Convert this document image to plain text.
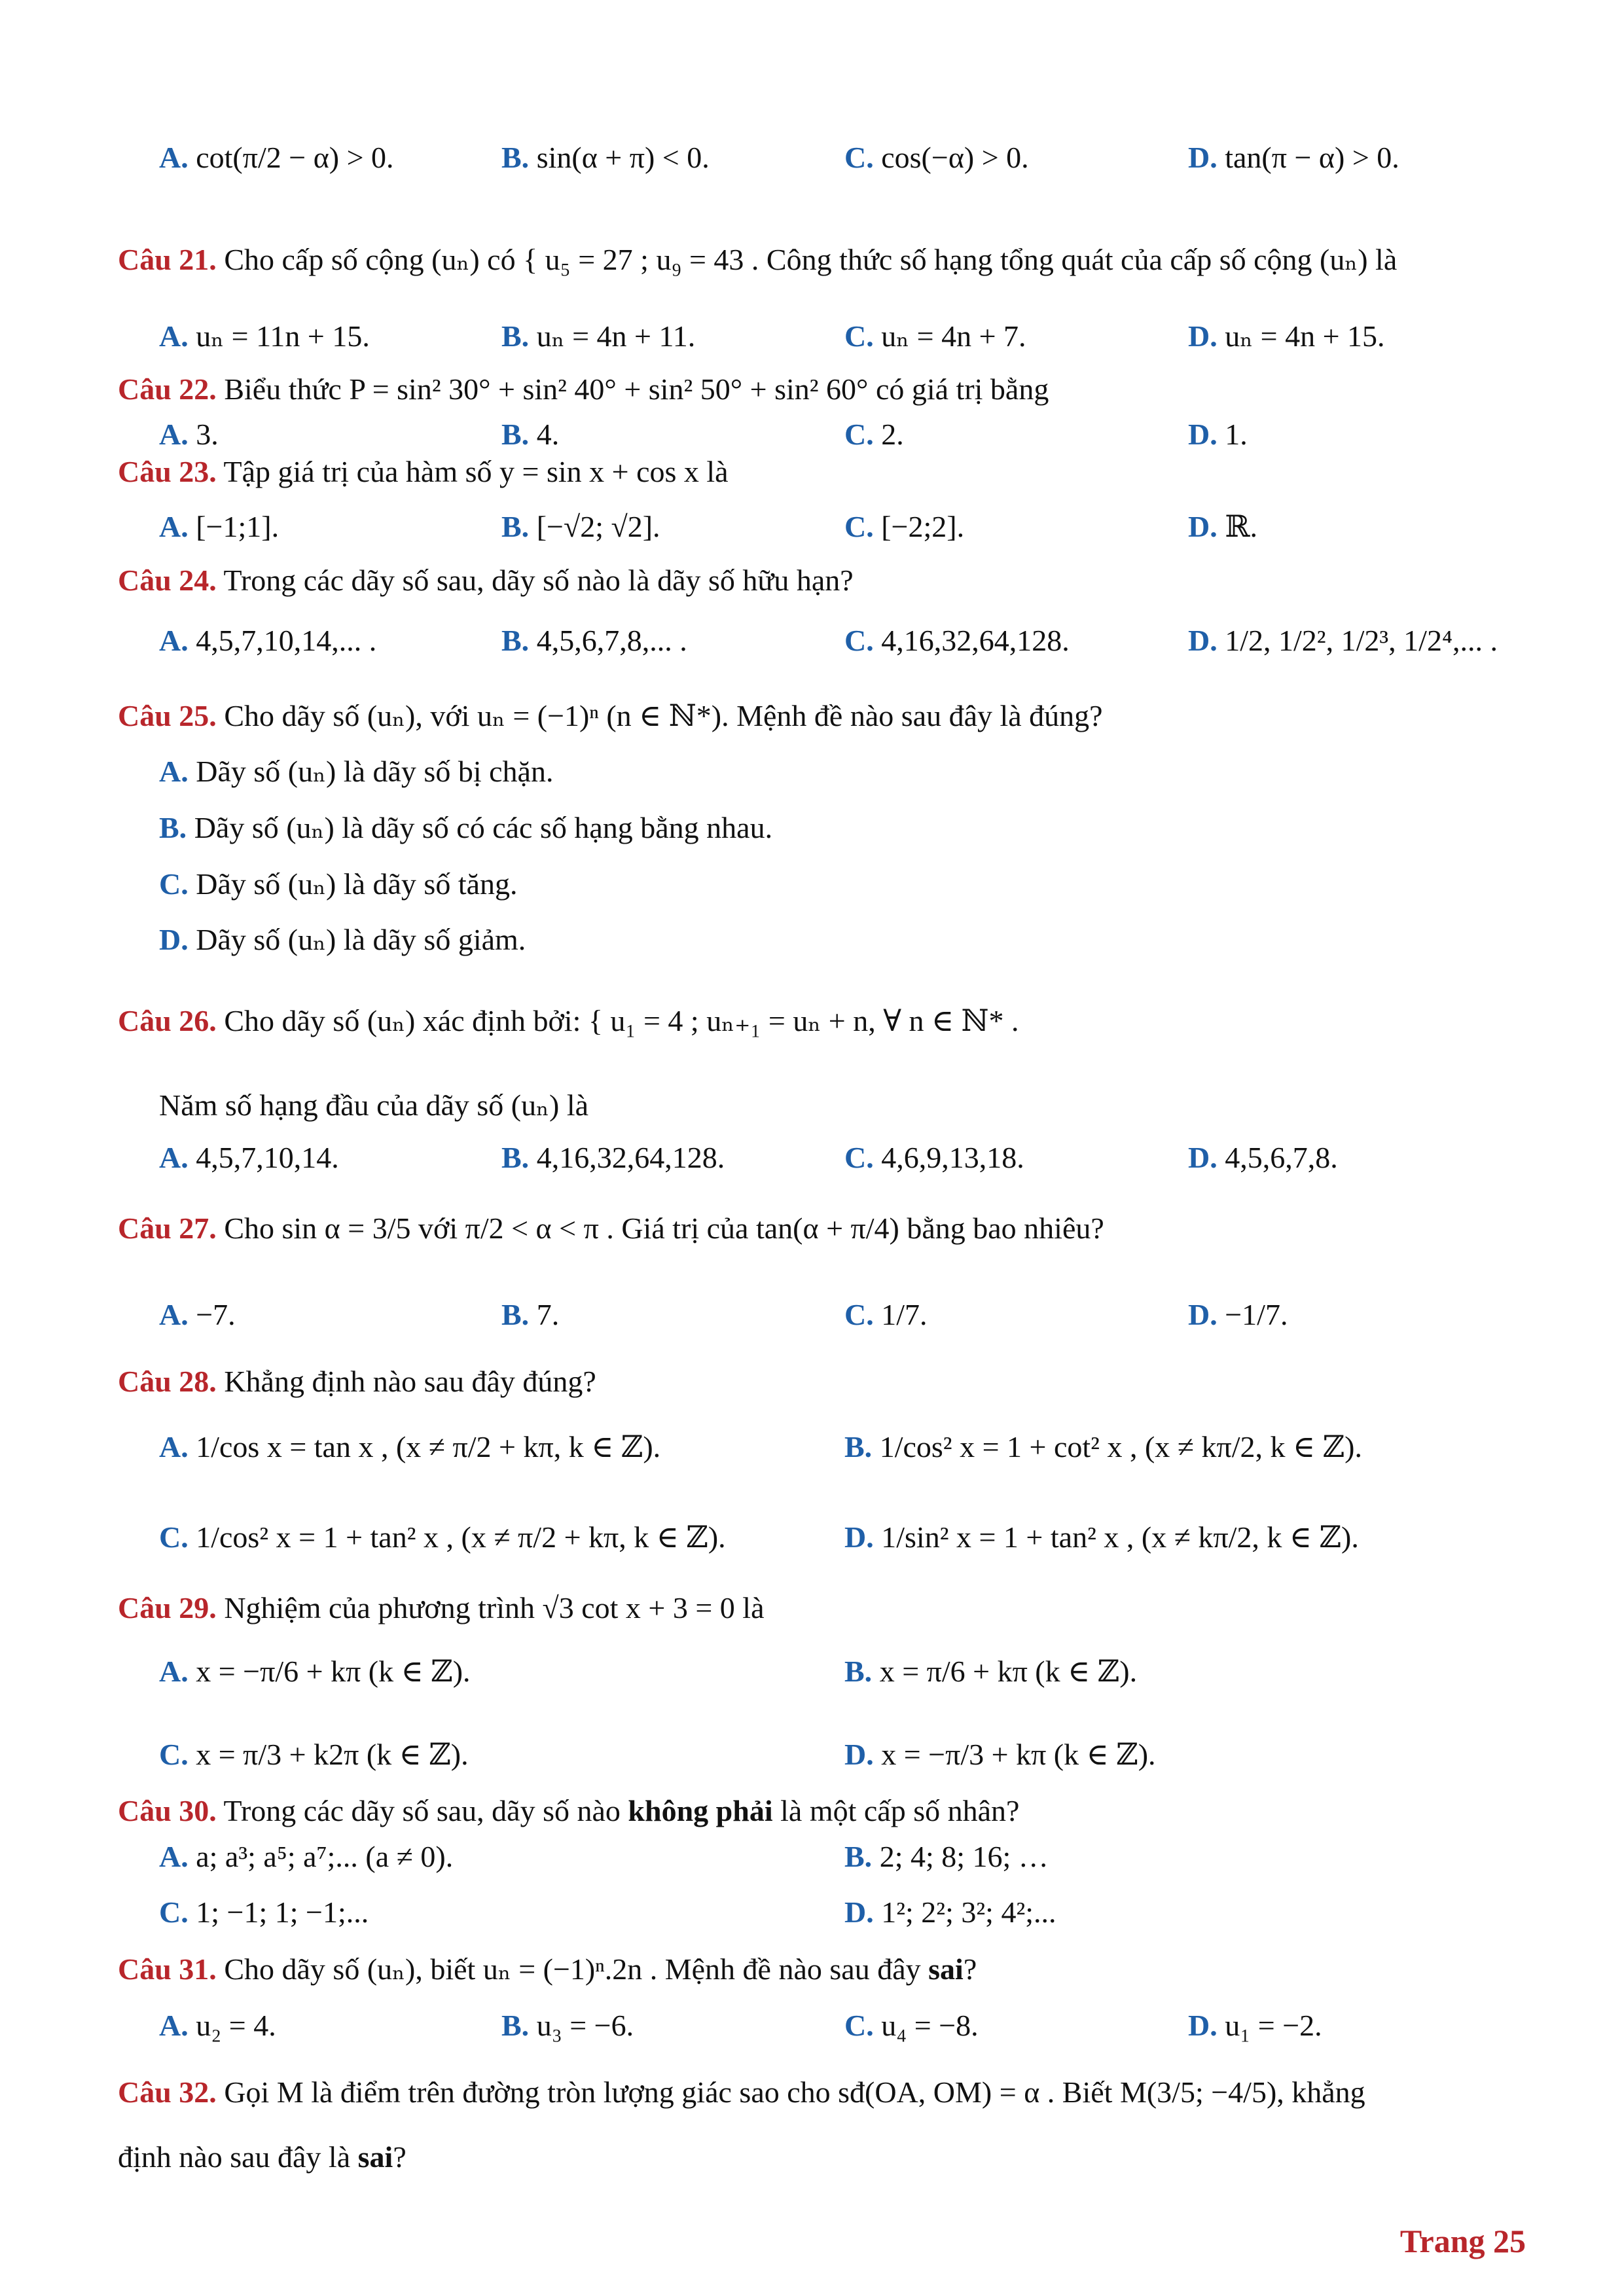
A. cot(π/2 − α) > 0.	B. sin(α + π) < 0.	C. cos(−α) > 0.	D. tan(π − α) > 0.
Câu 21. Cho cấp số cộng (uₙ) có { u₅ = 27 ; u₉ = 43 . Công thức số hạng tổng quát của cấp số cộng (uₙ) là
A. uₙ = 11n + 15.	B. uₙ = 4n + 11.	C. uₙ = 4n + 7.	D. uₙ = 4n + 15.
Câu 22. Biểu thức P = sin² 30° + sin² 40° + sin² 50° + sin² 60° có giá trị bằng
A. 3.	B. 4.	C. 2.	D. 1.
Câu 23. Tập giá trị của hàm số y = sin x + cos x là
A. [−1;1].	B. [−√2; √2].	C. [−2;2].	D. ℝ.
Câu 24. Trong các dãy số sau, dãy số nào là dãy số hữu hạn?
A. 4,5,7,10,14,... .	B. 4,5,6,7,8,... .	C. 4,16,32,64,128.	D. 1/2, 1/2², 1/2³, 1/2⁴,... .
Câu 25. Cho dãy số (uₙ), với uₙ = (−1)ⁿ (n ∈ ℕ*). Mệnh đề nào sau đây là đúng?
A. Dãy số (uₙ) là dãy số bị chặn.
B. Dãy số (uₙ) là dãy số có các số hạng bằng nhau.
C. Dãy số (uₙ) là dãy số tăng.
D. Dãy số (uₙ) là dãy số giảm.
Câu 26. Cho dãy số (uₙ) xác định bởi: { u₁ = 4 ; uₙ₊₁ = uₙ + n, ∀ n ∈ ℕ* .
Năm số hạng đầu của dãy số (uₙ) là
A. 4,5,7,10,14.	B. 4,16,32,64,128.	C. 4,6,9,13,18.	D. 4,5,6,7,8.
Câu 27. Cho sin α = 3/5 với π/2 < α < π . Giá trị của tan(α + π/4) bằng bao nhiêu?
A. −7.	B. 7.	C. 1/7.	D. −1/7.
Câu 28. Khẳng định nào sau đây đúng?
A. 1/cos x = tan x , (x ≠ π/2 + kπ, k ∈ ℤ).	B. 1/cos² x = 1 + cot² x , (x ≠ kπ/2, k ∈ ℤ).
C. 1/cos² x = 1 + tan² x , (x ≠ π/2 + kπ, k ∈ ℤ).	D. 1/sin² x = 1 + tan² x , (x ≠ kπ/2, k ∈ ℤ).
Câu 29. Nghiệm của phương trình √3 cot x + 3 = 0 là
A. x = −π/6 + kπ (k ∈ ℤ).	B. x = π/6 + kπ (k ∈ ℤ).
C. x = π/3 + k2π (k ∈ ℤ).	D. x = −π/3 + kπ (k ∈ ℤ).
Câu 30. Trong các dãy số sau, dãy số nào không phải là một cấp số nhân?
A. a; a³; a⁵; a⁷;... (a ≠ 0).	B. 2; 4; 8; 16; …
C. 1; −1; 1; −1;...	D. 1²; 2²; 3²; 4²;...
Câu 31. Cho dãy số (uₙ), biết uₙ = (−1)ⁿ.2n . Mệnh đề nào sau đây sai?
A. u₂ = 4.	B. u₃ = −6.	C. u₄ = −8.	D. u₁ = −2.
Câu 32. Gọi M là điểm trên đường tròn lượng giác sao cho sđ(OA, OM) = α . Biết M(3/5; −4/5), khẳng
định nào sau đây là sai?
Trang 25
